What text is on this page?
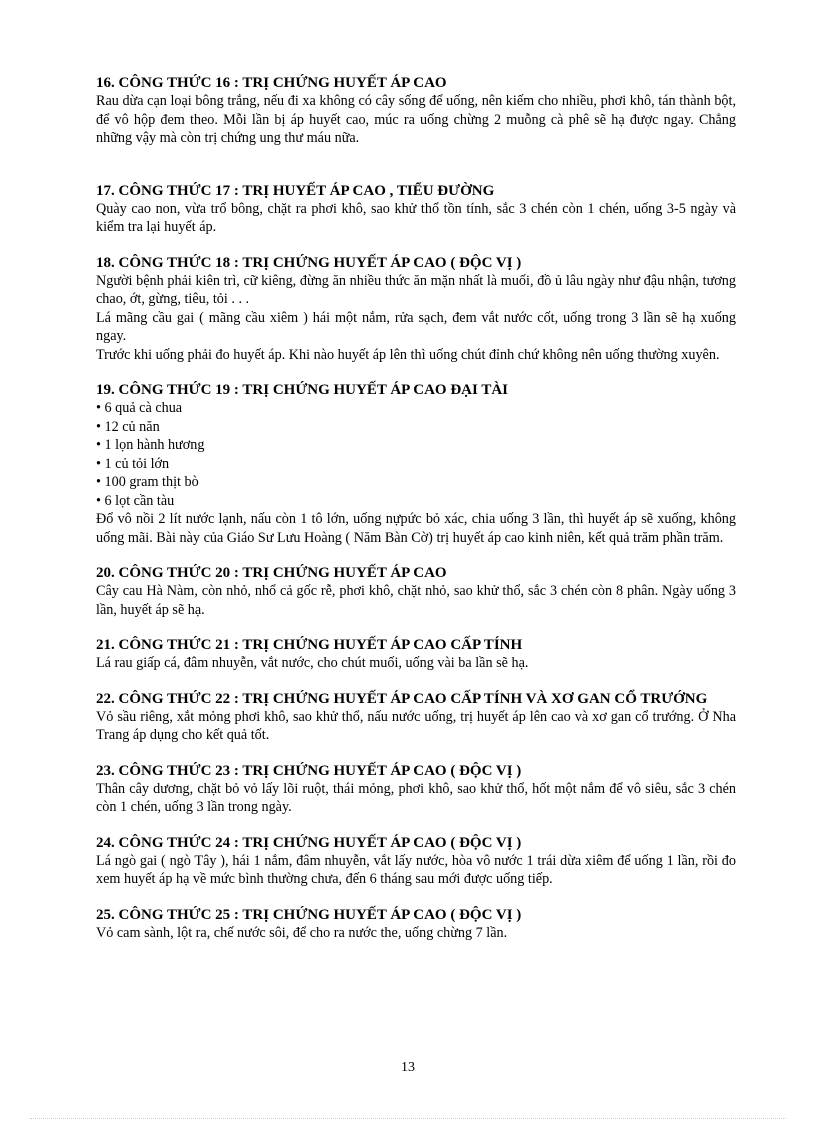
16. CÔNG THỨC 16 : TRỊ CHỨNG HUYẾT ÁP CAO

Rau dừa cạn loại bông trắng, nếu đi xa không có cây sống để uống, nên kiếm cho nhiều, phơi khô, tán thành bột, để vô hộp đem theo. Mỗi lần bị áp huyết cao, múc ra uống chừng 2 muỗng cà phê sẽ hạ được ngay. Chẳng những vậy mà còn trị chứng ung thư máu nữa.

17. CÔNG THỨC 17 : TRỊ HUYẾT ÁP CAO , TIỂU ĐƯỜNG

Quày cao non, vừa trổ bông, chặt ra phơi khô, sao khử thổ tồn tính, sắc 3 chén còn 1 chén, uống 3-5 ngày và kiểm tra lại huyết áp.

18. CÔNG THỨC 18 : TRỊ CHỨNG HUYẾT ÁP CAO ( ĐỘC VỊ )

Người bệnh phải kiên trì, cữ kiêng, đừng ăn nhiều thức ăn mặn nhất là muối, đồ ủ lâu ngày như đậu nhận, tương chao, ớt, gừng, tiêu, tỏi . . .

Lá mãng cầu gai ( mãng cầu xiêm ) hái một nắm, rửa sạch, đem vắt nước cốt, uống trong 3 lần sẽ hạ xuống ngay.

Trước khi uống phải đo huyết áp. Khi nào huyết áp lên thì uống chút đỉnh chứ không nên uống thường xuyên.

19. CÔNG THỨC 19 : TRỊ CHỨNG HUYẾT ÁP CAO ĐẠI TÀI

• 6 quả cà chua

• 12 củ năn

• 1 lọn hành hương

• 1 củ tỏi lớn

• 100 gram thịt bò

• 6 lọt cần tàu

Đổ vô nồi 2 lít nước lạnh, nấu còn 1 tô lớn, uống nựpức bỏ xác, chia uống 3 lần, thì huyết áp sẽ xuống, không uống mãi. Bài này của Giáo Sư Lưu Hoàng ( Năm Bàn Cờ) trị huyết áp cao kinh niên, kết quả trăm phần trăm.

20. CÔNG THỨC 20 : TRỊ CHỨNG HUYẾT ÁP CAO

Cây cau Hà Nàm, còn nhỏ, nhổ cả gốc rễ, phơi khô, chặt nhỏ, sao khử thổ, sắc 3 chén còn 8 phân. Ngày uống 3 lần, huyết áp sẽ hạ.

21. CÔNG THỨC 21 : TRỊ CHỨNG HUYẾT ÁP CAO CẤP TÍNH

Lá rau giấp cá, đâm nhuyễn, vắt nước, cho chút muối, uống vài ba lần sẽ hạ.

22. CÔNG THỨC 22 : TRỊ CHỨNG HUYẾT ÁP CAO CẤP TÍNH VÀ XƠ GAN CỔ TRƯỚNG

Vỏ sầu riêng, xắt mỏng phơi khô, sao khử thổ, nấu nước uống, trị huyết áp lên cao và xơ gan cổ trướng. Ở Nha Trang áp dụng cho kết quả tốt.

23. CÔNG THỨC 23 : TRỊ CHỨNG HUYẾT ÁP CAO ( ĐỘC VỊ )

Thân cây dương, chặt bỏ vỏ lấy lõi ruột, thái mỏng, phơi khô, sao khử thổ, hốt một nắm để vô siêu, sắc 3 chén còn 1 chén, uống 3 lần trong ngày.

24. CÔNG THỨC 24 : TRỊ CHỨNG HUYẾT ÁP CAO ( ĐỘC VỊ )

Lá ngò gai ( ngò Tây ), hái 1 nắm, đâm nhuyễn, vắt lấy nước, hòa vô nước 1 trái dừa xiêm để uống 1 lần, rồi đo xem huyết áp hạ về mức bình thường chưa, đến 6 tháng sau mới được uống tiếp.

25. CÔNG THỨC 25 : TRỊ CHỨNG HUYẾT ÁP CAO ( ĐỘC VỊ )

Vỏ cam sành, lột ra, chế nước sôi, để cho ra nước the, uống chừng 7 lần.

13
